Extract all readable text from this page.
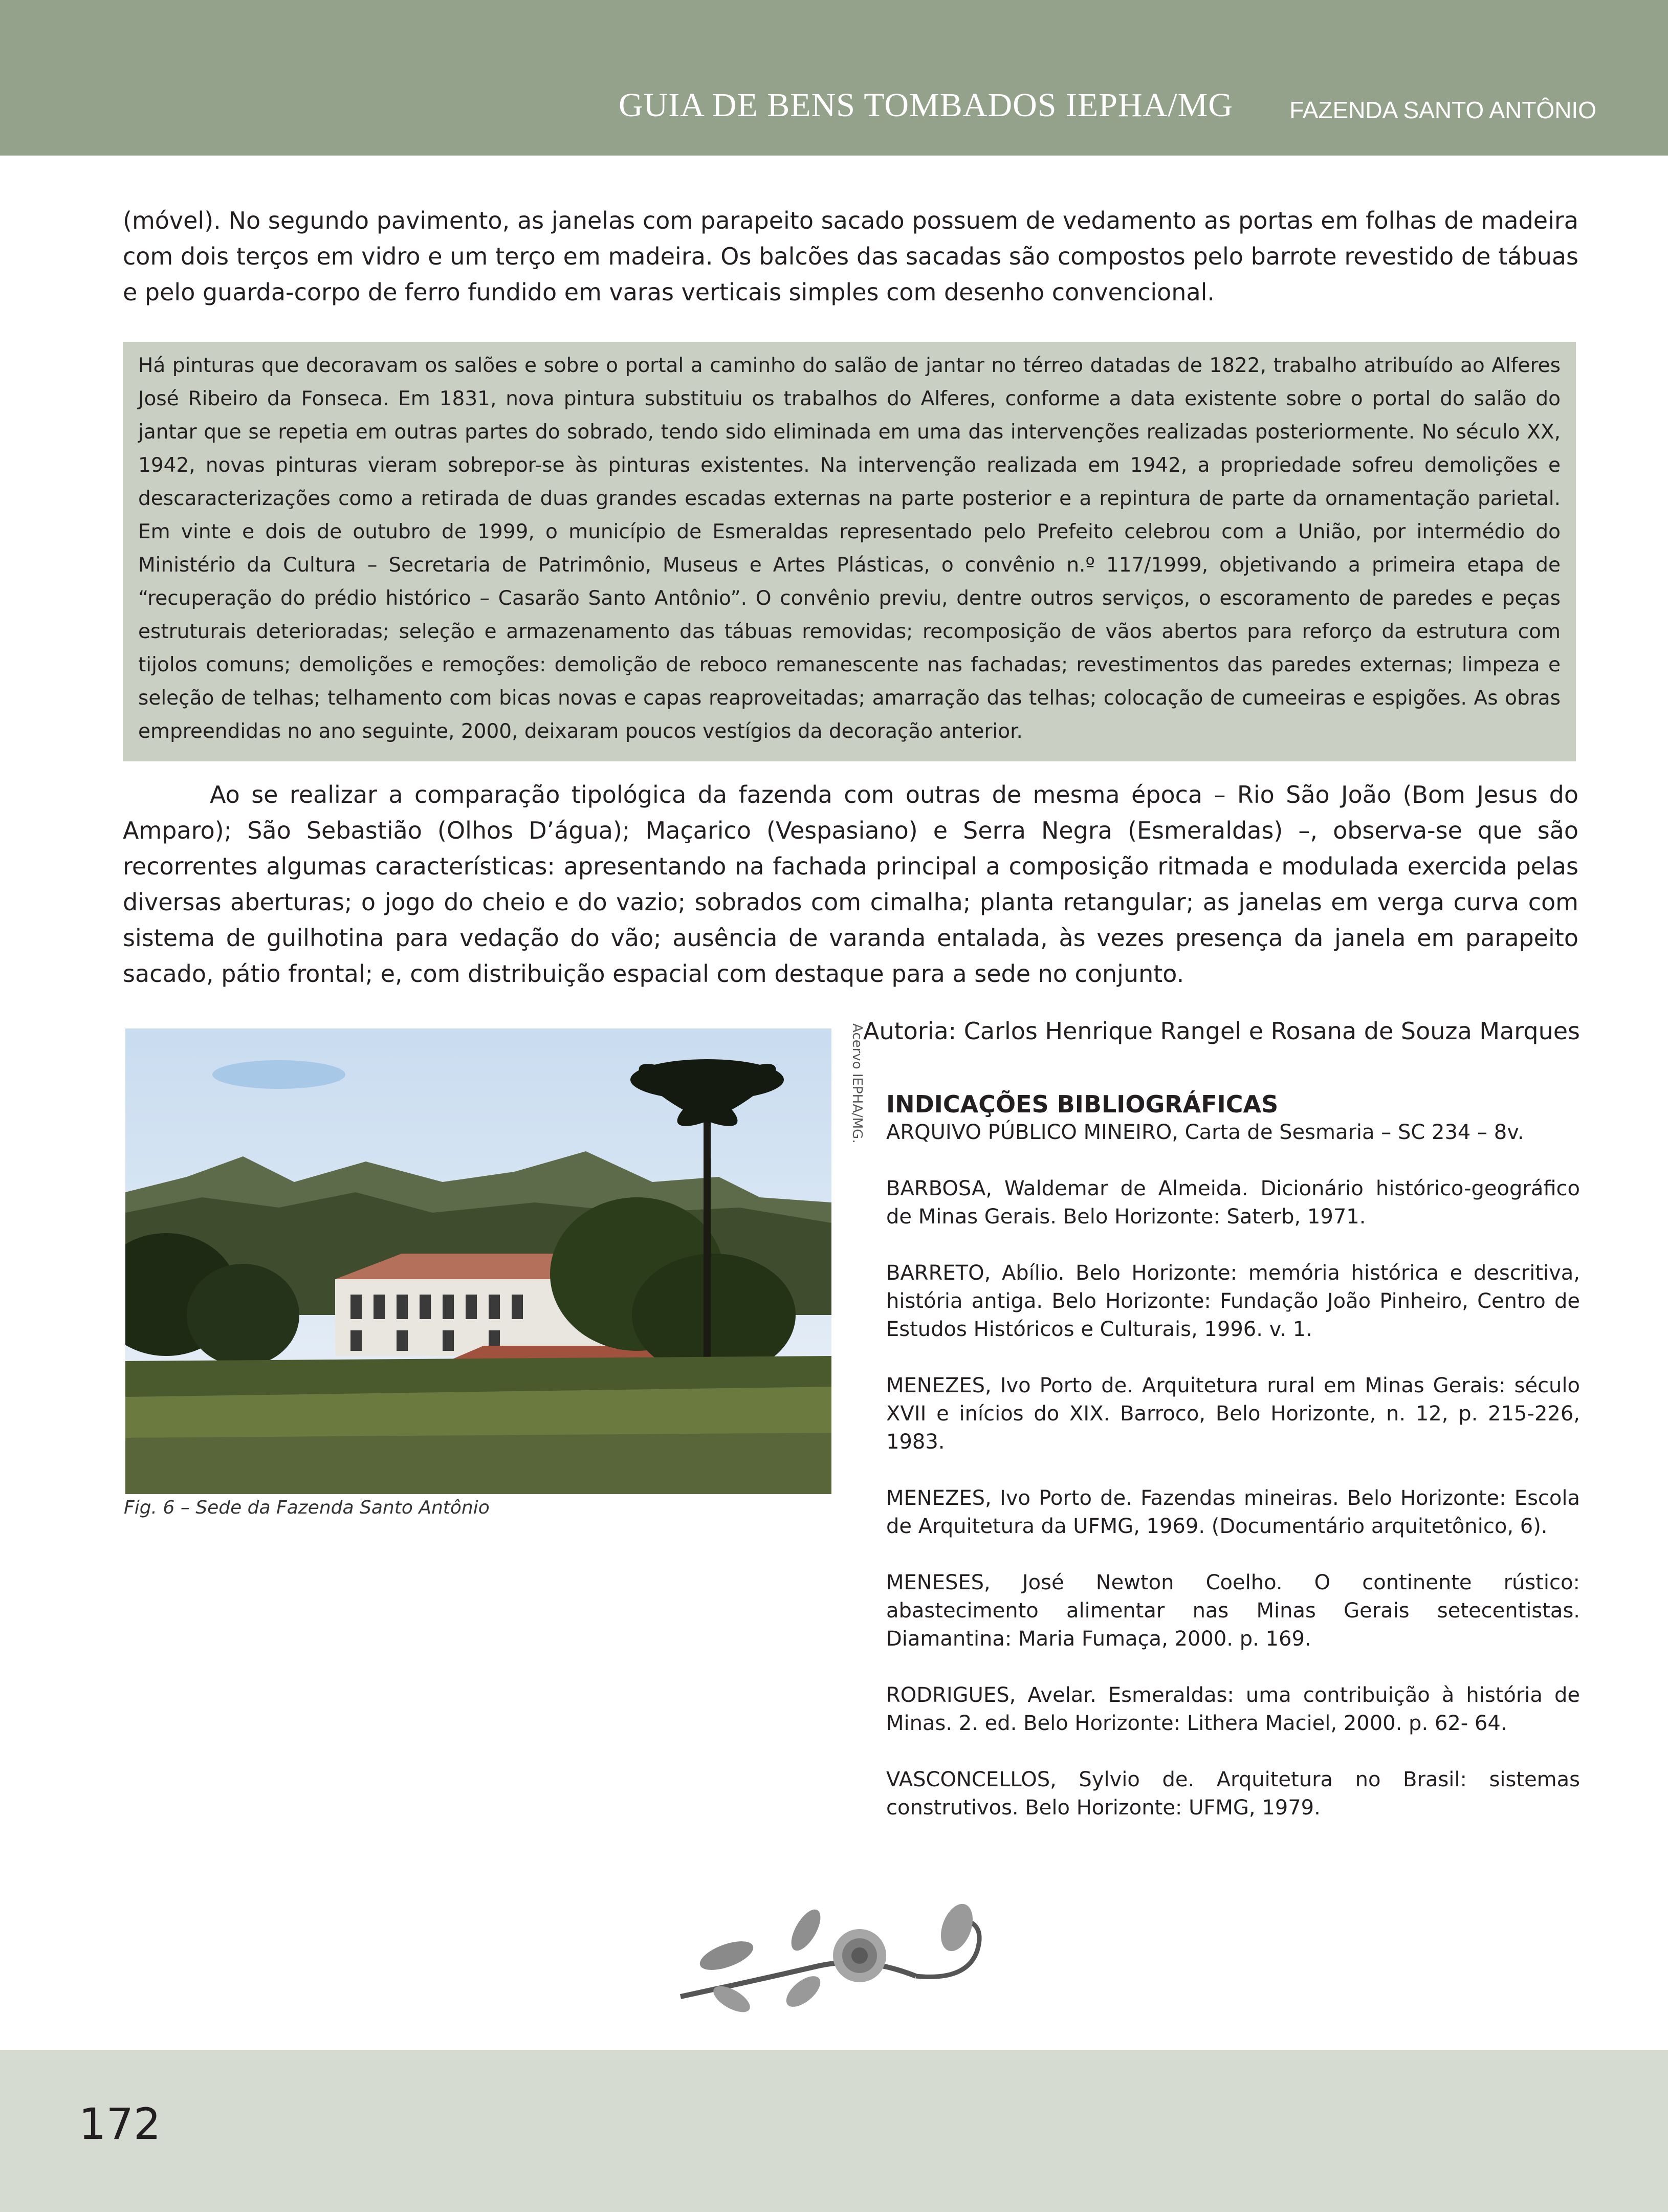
GUIA DE BENS TOMBADOS IEPHA/MG FAZENDA SANTO ANTÔNIO

(móvel). No segundo pavimento, as janelas com parapeito sacado possuem de vedamento as portas em folhas de madeira com dois terços em vidro e um terço em madeira. Os balcões das sacadas são compostos pelo barrote revestido de tábuas e pelo guarda-corpo de ferro fundido em varas verticais simples com desenho convencional.

Há pinturas que decoravam os salões e sobre o portal a caminho do salão de jantar no térreo datadas de 1822, trabalho atribuído ao Alferes José Ribeiro da Fonseca. Em 1831, nova pintura substituiu os trabalhos do Alferes, conforme a data existente sobre o portal do salão do jantar que se repetia em outras partes do sobrado, tendo sido eliminada em uma das intervenções realizadas posteriormente. No século XX, 1942, novas pinturas vieram sobrepor-se às pinturas existentes. Na intervenção realizada em 1942, a propriedade sofreu demolições e descaracterizações como a retirada de duas grandes escadas externas na parte posterior e a repintura de parte da ornamentação parietal. Em vinte e dois de outubro de 1999, o município de Esmeraldas representado pelo Prefeito celebrou com a União, por intermédio do Ministério da Cultura – Secretaria de Patrimônio, Museus e Artes Plásticas, o convênio n.º 117/1999, objetivando a primeira etapa de “recuperação do prédio histórico – Casarão Santo Antônio”. O convênio previu, dentre outros serviços, o escoramento de paredes e peças estruturais deterioradas; seleção e armazenamento das tábuas removidas; recomposição de vãos abertos para reforço da estrutura com tijolos comuns; demolições e remoções: demolição de reboco remanescente nas fachadas; revestimentos das paredes externas; limpeza e seleção de telhas; telhamento com bicas novas e capas reaproveitadas; amarração das telhas; colocação de cumeeiras e espigões. As obras empreendidas no ano seguinte, 2000, deixaram poucos vestígios da decoração anterior.

Ao se realizar a comparação tipológica da fazenda com outras de mesma época – Rio São João (Bom Jesus do Amparo); São Sebastião (Olhos D’água); Maçarico (Vespasiano) e Serra Negra (Esmeraldas) –, observa-se que são recorrentes algumas características: apresentando na fachada principal a composição ritmada e modulada exercida pelas diversas aberturas; o jogo do cheio e do vazio; sobrados com cimalha; planta retangular; as janelas em verga curva com sistema de guilhotina para vedação do vão; ausência de varanda entalada, às vezes presença da janela em parapeito sacado, pátio frontal; e, com distribuição espacial com destaque para a sede no conjunto.

Acervo IEPHA/MG.
Fig. 6 – Sede da Fazenda Santo Antônio
Autoria: Carlos Henrique Rangel e Rosana de Souza Marques
INDICAÇÕES BIBLIOGRÁFICAS

ARQUIVO PÚBLICO MINEIRO, Carta de Sesmaria – SC 234 – 8v.

BARBOSA, Waldemar de Almeida. Dicionário histórico-geográfico de Minas Gerais. Belo Horizonte: Saterb, 1971.

BARRETO, Abílio. Belo Horizonte: memória histórica e descritiva, história antiga. Belo Horizonte: Fundação João Pinheiro, Centro de Estudos Históricos e Culturais, 1996. v. 1.

MENEZES, Ivo Porto de. Arquitetura rural em Minas Gerais: século XVII e inícios do XIX. Barroco, Belo Horizonte, n. 12, p. 215-226, 1983.

MENEZES, Ivo Porto de. Fazendas mineiras. Belo Horizonte: Escola de Arquitetura da UFMG, 1969. (Documentário arquitetônico, 6).

MENESES, José Newton Coelho. O continente rústico: abastecimento alimentar nas Minas Gerais setecentistas. Diamantina: Maria Fumaça, 2000. p. 169.

RODRIGUES, Avelar. Esmeraldas: uma contribuição à história de Minas. 2. ed. Belo Horizonte: Lithera Maciel, 2000. p. 62- 64.

VASCONCELLOS, Sylvio de. Arquitetura no Brasil: sistemas construtivos. Belo Horizonte: UFMG, 1979.

172
